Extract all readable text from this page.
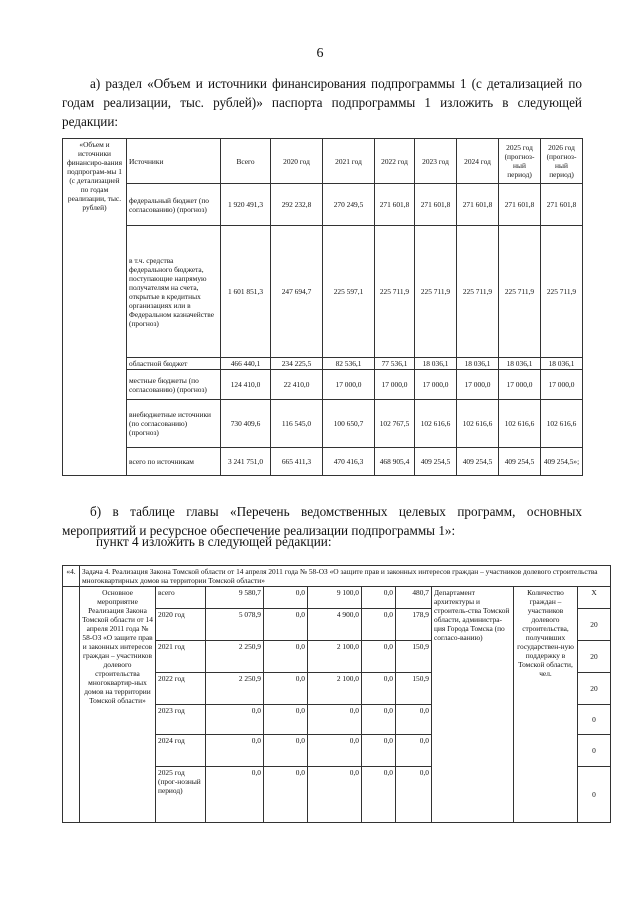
6
а) раздел «Объем и источники финансирования подпрограммы 1 (с детализацией по годам реализации, тыс. рублей)» паспорта подпрограммы 1 изложить в следующей редакции:
«Объем и источники финансиро-вания подпрограм-мы 1 (с детализацией по годам реализации, тыс. рублей)	Источники	Всего	2020 год	2021 год	2022 год	2023 год	2024 год	2025 год (прогноз-ный период)	2026 год (прогноз-ный период)
	федеральный бюджет (по согласованию) (прогноз)	1 920 491,3	292 232,8	270 249,5	271 601,8	271 601,8	271 601,8	271 601,8	271 601,8
	в т.ч. средства федерального бюджета, поступающие напрямую получателям на счета, открытые в кредитных организациях или в Федеральном казначействе (прогноз)	1 601 851,3	247 694,7	225 597,1	225 711,9	225 711,9	225 711,9	225 711,9	225 711,9
	областной бюджет	466 440,1	234 225,5	82 536,1	77 536,1	18 036,1	18 036,1	18 036,1	18 036,1
	местные бюджеты (по согласованию) (прогноз)	124 410,0	22 410,0	17 000,0	17 000,0	17 000,0	17 000,0	17 000,0	17 000,0
	внебюджетные источники (по согласованию) (прогноз)	730 409,6	116 545,0	100 650,7	102 767,5	102 616,6	102 616,6	102 616,6	102 616,6
	всего по источникам	3 241 751,0	665 411,3	470 416,3	468 905,4	409 254,5	409 254,5	409 254,5	409 254,5»;
б) в таблице главы «Перечень ведомственных целевых программ, основных мероприятий и ресурсное обеспечение реализации подпрограммы 1»:
пункт 4 изложить в следующей редакции:
«4.	Задача 4. Реализация Закона Томской области от 14 апреля 2011 года № 58-ОЗ «О защите прав и законных интересов граждан – участников долевого строительства многоквартирных домов на территории Томской области»									
	Основное мероприятие Реализация Закона Томской области от 14 апреля 2011 года № 58-ОЗ «О защите прав и законных интересов граждан – участников долевого строительства многоквартир-ных домов на территории Томской области»	всего	9 580,7	0,0	9 100,0	0,0	480,7	Департамент архитектуры и строитель-ства Томской области, администра-ция Города Томска (по согласо-ванию)	Количество граждан – участников долевого строительства, получивших государствен-ную поддержку в Томской области, чел.	Х
		2020 год	5 078,9	0,0	4 900,0	0,0	178,9			20
		2021 год	2 250,9	0,0	2 100,0	0,0	150,9			20
		2022 год	2 250,9	0,0	2 100,0	0,0	150,9			20
		2023 год	0,0	0,0	0,0	0,0	0,0			0
		2024 год	0,0	0,0	0,0	0,0	0,0			0
		2025 год (прог-нозный период)	0,0	0,0	0,0	0,0	0,0			0
